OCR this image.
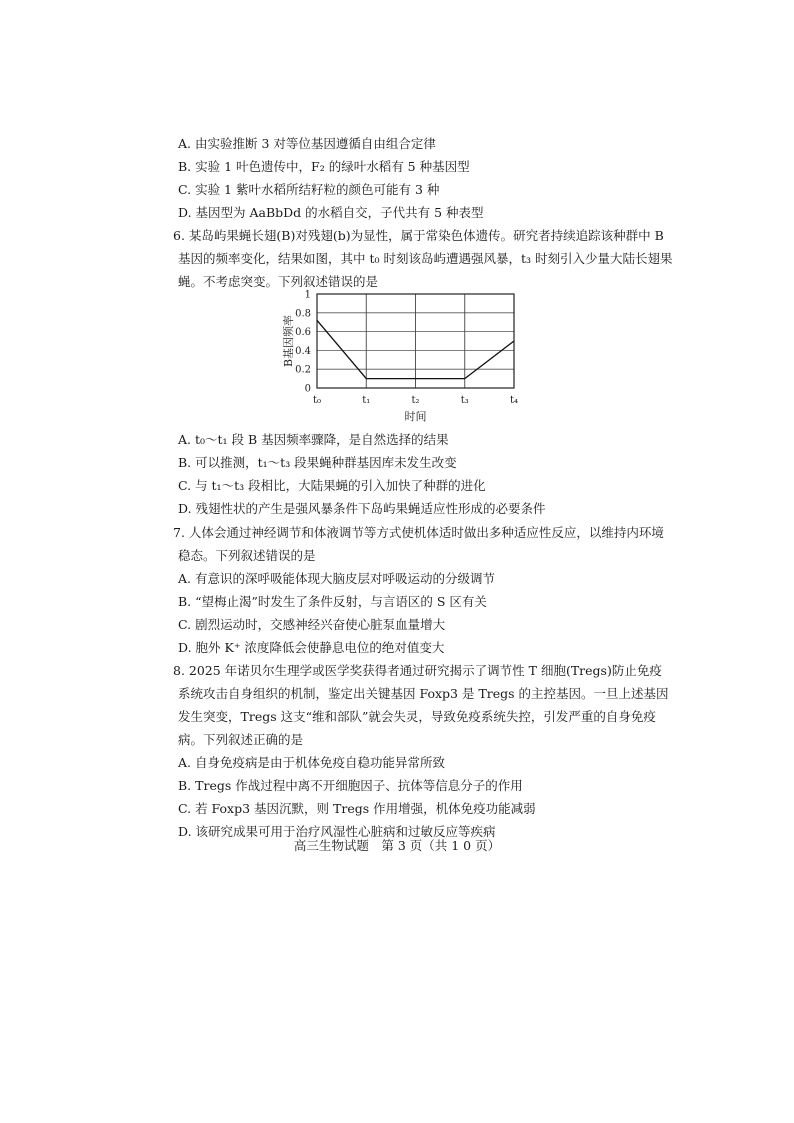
A. 由实验推断 3 对等位基因遵循自由组合定律
B. 实验 1 叶色遗传中，F₂ 的绿叶水稻有 5 种基因型
C. 实验 1 紫叶水稻所结籽粒的颜色可能有 3 种
D. 基因型为 AaBbDd 的水稻自交，子代共有 5 种表型
6. 某岛屿果蝇长翅(B)对残翅(b)为显性，属于常染色体遗传。研究者持续追踪该种群中 B
基因的频率变化，结果如图，其中 t₀ 时刻该岛屿遭遇强风暴，t₃ 时刻引入少量大陆长翅果
蝇。不考虑突变。下列叙述错误的是
0
0.2
0.4
0.6
0.8
1
t₀	t₁	t₂	t₃	t₄
时间
B基因频率
A. t₀～t₁ 段 B 基因频率骤降，是自然选择的结果
B. 可以推测，t₁～t₃ 段果蝇种群基因库未发生改变
C. 与 t₁～t₃ 段相比，大陆果蝇的引入加快了种群的进化
D. 残翅性状的产生是强风暴条件下岛屿果蝇适应性形成的必要条件
7. 人体会通过神经调节和体液调节等方式使机体适时做出多种适应性反应，以维持内环境
稳态。下列叙述错误的是
A. 有意识的深呼吸能体现大脑皮层对呼吸运动的分级调节
B. “望梅止渴”时发生了条件反射，与言语区的 S 区有关
C. 剧烈运动时，交感神经兴奋使心脏泵血量增大
D. 胞外 K⁺ 浓度降低会使静息电位的绝对值变大
8. 2025 年诺贝尔生理学或医学奖获得者通过研究揭示了调节性 T 细胞(Tregs)防止免疫
系统攻击自身组织的机制，鉴定出关键基因 Foxp3 是 Tregs 的主控基因。一旦上述基因
发生突变，Tregs 这支“维和部队”就会失灵，导致免疫系统失控，引发严重的自身免疫
病。下列叙述正确的是
A. 自身免疫病是由于机体免疫自稳功能异常所致
B. Tregs 作战过程中离不开细胞因子、抗体等信息分子的作用
C. 若 Foxp3 基因沉默，则 Tregs 作用增强，机体免疫功能减弱
D. 该研究成果可用于治疗风湿性心脏病和过敏反应等疾病
高三生物试题　第 3 页（共 1 0 页）
